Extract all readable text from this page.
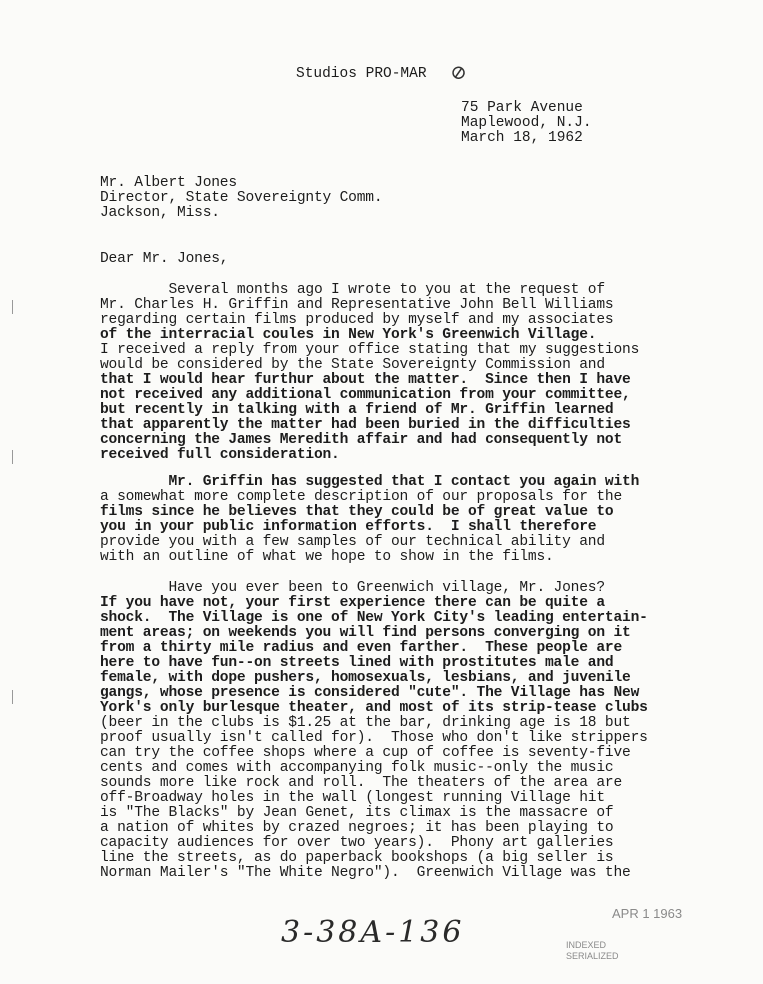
Studios PRO-MAR ⊘
75 Park Avenue
Maplewood, N.J.
March 18, 1962
Mr. Albert Jones
Director, State Sovereignty Comm.
Jackson, Miss.
Dear Mr. Jones,
Several months ago I wrote to you at the request of
Mr. Charles H. Griffin and Representative John Bell Williams
regarding certain films produced by myself and my associates
of the interracial coules in New York's Greenwich Village.
I received a reply from your office stating that my suggestions
would be considered by the State Sovereignty Commission and
that I would hear furthur about the matter.  Since then I have
not received any additional communication from your committee,
but recently in talking with a friend of Mr. Griffin learned
that apparently the matter had been buried in the difficulties
concerning the James Meredith affair and had consequently not
received full consideration.
Mr. Griffin has suggested that I contact you again with
a somewhat more complete description of our proposals for the
films since he believes that they could be of great value to
you in your public information efforts.  I shall therefore
provide you with a few samples of our technical ability and
with an outline of what we hope to show in the films.
Have you ever been to Greenwich village, Mr. Jones?
If you have not, your first experience there can be quite a
shock.  The Village is one of New York City's leading entertain-
ment areas; on weekends you will find persons converging on it
from a thirty mile radius and even farther.  These people are
here to have fun--on streets lined with prostitutes male and
female, with dope pushers, homosexuals, lesbians, and juvenile
gangs, whose presence is considered "cute". The Village has New
York's only burlesque theater, and most of its strip-tease clubs
(beer in the clubs is $1.25 at the bar, drinking age is 18 but
proof usually isn't called for).  Those who don't like strippers
can try the coffee shops where a cup of coffee is seventy-five
cents and comes with accompanying folk music--only the music
sounds more like rock and roll.  The theaters of the area are
off-Broadway holes in the wall (longest running Village hit
is "The Blacks" by Jean Genet, its climax is the massacre of
a nation of whites by crazed negroes; it has been playing to
capacity audiences for over two years).  Phony art galleries
line the streets, as do paperback bookshops (a big seller is
Norman Mailer's "The White Negro").  Greenwich Village was the
3-38A-136
APR 1 1963
INDEXED
SERIALIZED
